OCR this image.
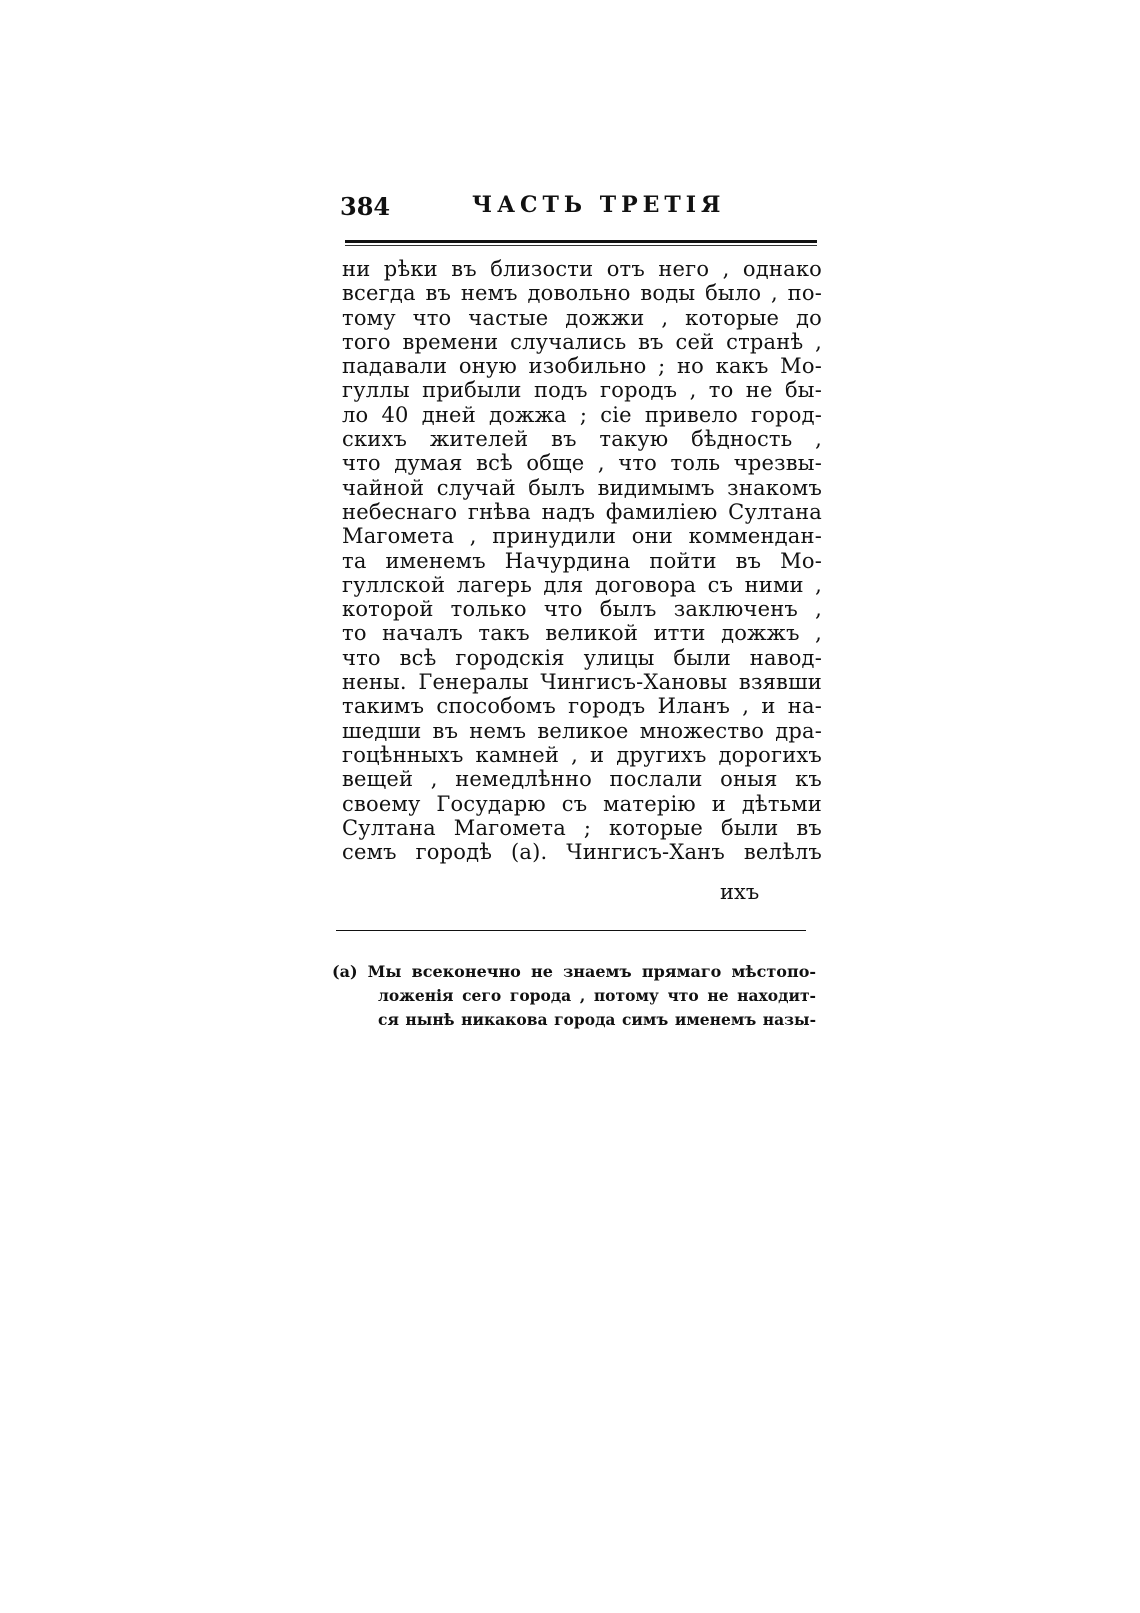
384	ЧАСТЬ ТРЕТІЯ
ни рѣки въ близости отъ него , однако
всегда въ немъ довольно воды было , по-
тому что частые дожжи , которые до
того времени случались въ сей странѣ ,
падавали оную изобильно ; но какъ Мо-
гуллы прибыли подъ городъ , то не бы-
ло 40 дней дожжа ; сіе привело город-
скихъ жителей въ такую бѣдность ,
что думая всѣ обще , что толь чрезвы-
чайной случай былъ видимымъ знакомъ
небеснаго гнѣва надъ фамиліею Султана
Магомета , принудили они коммендан-
та именемъ Начурдина пойти въ Мо-
гуллской лагерь для договора съ ними ,
которой только что былъ заключенъ ,
то началъ такъ великой итти дожжъ ,
что всѣ городскія улицы были навод-
нены. Генералы Чингисъ-Хановы взявши
такимъ способомъ городъ Иланъ , и на-
шедши въ немъ великое множество дра-
гоцѣнныхъ камней , и другихъ дорогихъ
вещей , немедлѣнно послали оныя къ
своему Государю съ матерію и дѣтьми
Султана Магомета ; которые были въ
семъ городѣ (а). Чингисъ-Ханъ велѣлъ
ихъ
(а) Мы всеконечно не знаемъ прямаго мѣстопо-
ложенія сего города , потому что не находит-
ся нынѣ никакова города симъ именемъ назы-
